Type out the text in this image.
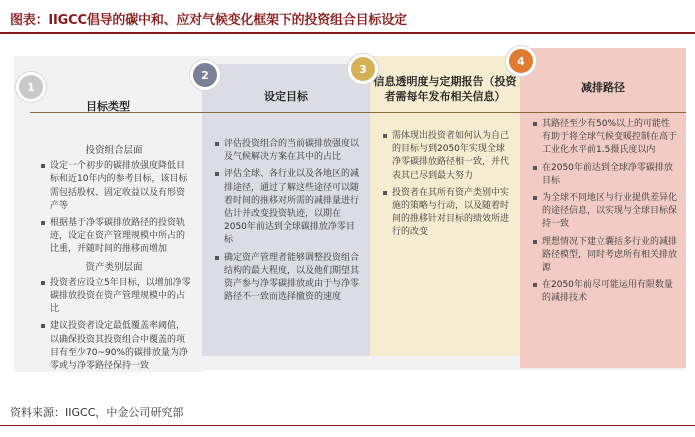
图表：IIGCC倡导的碳中和、应对气候变化框架下的投资组合目标设定
目标类型
投资组合层面
设定一个初步的碳排放强度降低目标和近10年内的参考目标，该目标需包括股权、固定收益以及有形资产等
根据基于净零碳排放路径的投资轨迹，设定在资产管理规模中所占的比重，并随时间的推移而增加
资产类别层面
投资者应设立5年目标，以增加净零碳排放投资在资产管理规模中的占比
建议投资者设定最低覆盖率阈值，以确保投资其投资组合中覆盖的项目有至少70~90%的碳排放量为净零或与净零路径保持一致
设定目标
评估投资组合的当前碳排放强度以及气候解决方案在其中的占比
评估全球、各行业以及各地区的减排途径，通过了解这些途径可以随着时间的推移对所需的减排量进行估计并改变投资轨迹，以期在2050年前达到全球碳排放净零目标
确定资产管理者能够调整投资组合结构的最大程度，以及他们期望其资产参与净零碳排放或由于与净零路径不一致而选择撤资的速度
信息透明度与定期报告（投资者需每年发布相关信息）
需体现出投资者如何认为自己的目标与到2050年实现全球净零碳排放路径相一致，并代表其已尽到最大努力
投资者在其所有资产类别中实施的策略与行动，以及随着时间的推移针对目标的绩效所进行的改变
减排路径
其路径至少有50%以上的可能性有助于将全球气候变暖控制在高于工业化水平前1.5摄氏度以内
在2050年前达到全球净零碳排放目标
为全球不同地区与行业提供差异化的途径信息，以实现与全球目标保持一致
理想情况下建立囊括多行业的减排路径模型，同时考虑所有相关排放源
在2050年前尽可能运用有限数量的减排技术
1
2	3
4
资料来源：IIGCC，中金公司研究部
